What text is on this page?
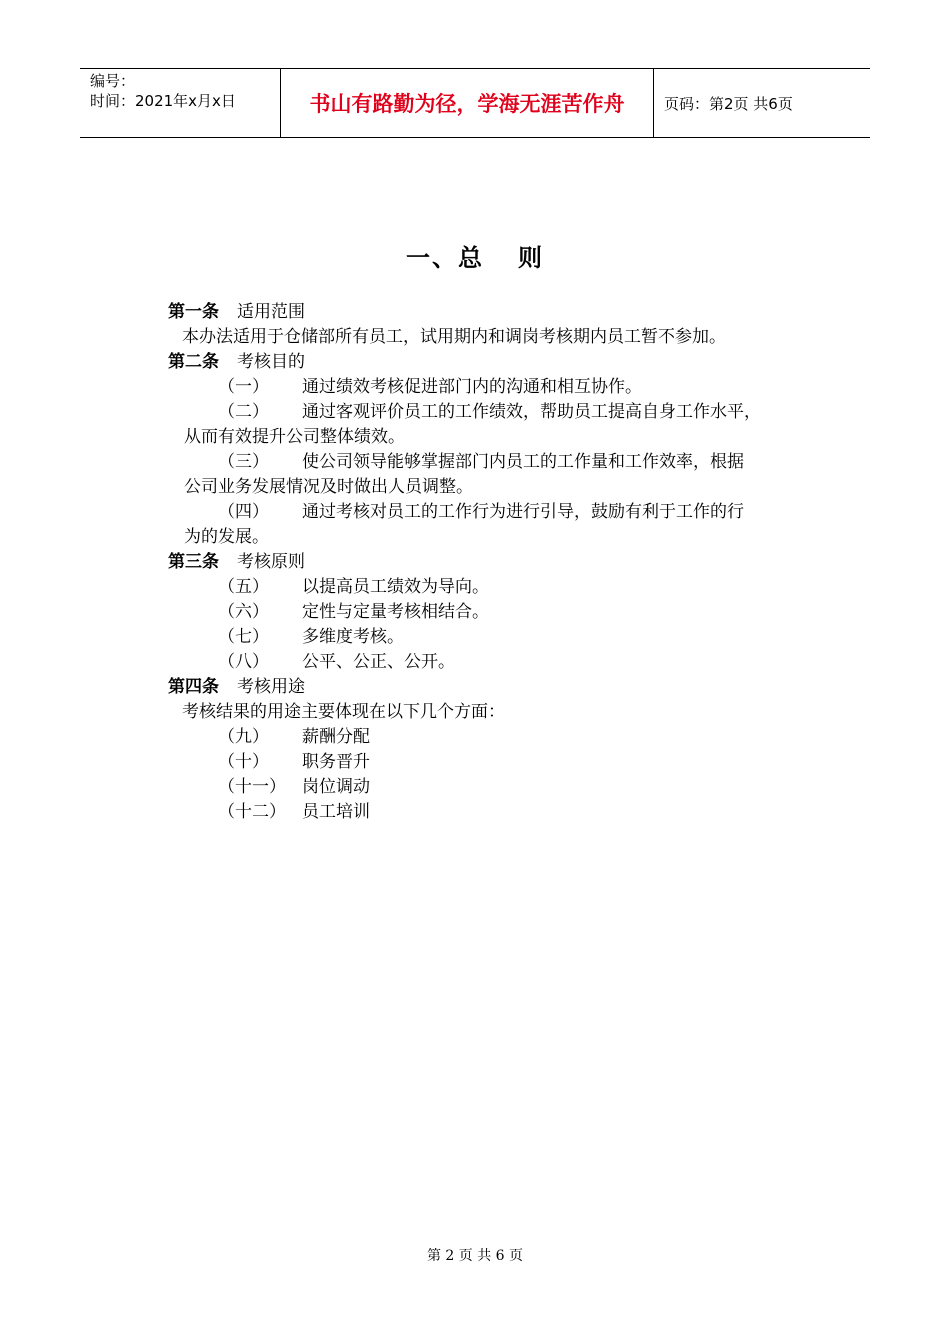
编号：
时间：2021年x月x日	书山有路勤为径，学海无涯苦作舟	页码：第2页 共6页
一、总 则
第一条 适用范围
本办法适用于仓储部所有员工，试用期内和调岗考核期内员工暂不参加。
第二条 考核目的
（一）	通过绩效考核促进部门内的沟通和相互协作。
（二）	通过客观评价员工的工作绩效，帮助员工提高自身工作水平，
从而有效提升公司整体绩效。
（三）	使公司领导能够掌握部门内员工的工作量和工作效率，根据
公司业务发展情况及时做出人员调整。
（四）	通过考核对员工的工作行为进行引导，鼓励有利于工作的行
为的发展。
第三条 考核原则
（五）	以提高员工绩效为导向。
（六）	定性与定量考核相结合。
（七）	多维度考核。
（八）	公平、公正、公开。
第四条 考核用途
考核结果的用途主要体现在以下几个方面：
（九）	薪酬分配
（十）	职务晋升
（十一） 岗位调动
（十二） 员工培训
第 2 页 共 6 页
